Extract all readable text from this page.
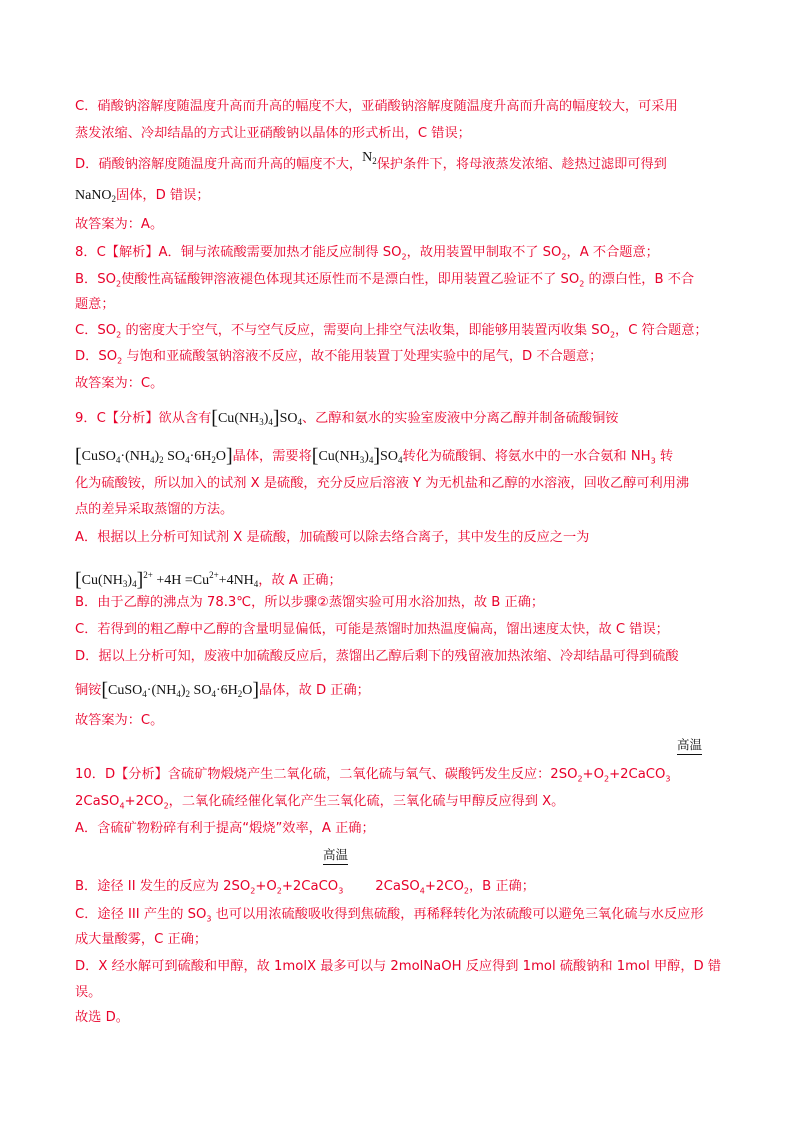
C．硝酸钠溶解度随温度升高而升高的幅度不大，亚硝酸钠溶解度随温度升高而升高的幅度较大，可采用
蒸发浓缩、冷却结晶的方式让亚硝酸钠以晶体的形式析出，C 错误；
D．硝酸钠溶解度随温度升高而升高的幅度不大，$N_2$保护条件下，将母液蒸发浓缩、趁热过滤即可得到
NaNO$_2$固体，D 错误；
故答案为：A。
8．C【解析】A．铜与浓硫酸需要加热才能反应制得 $SO_2$，故用装置甲制取不了 $SO_2$，A 不合题意；
B．$SO_2$使酸性高锰酸钾溶液褪色体现其还原性而不是漂白性，即用装置乙验证不了 $SO_2$ 的漂白性，B 不合
题意；
C．$SO_2$ 的密度大于空气，不与空气反应，需要向上排空气法收集，即能够用装置丙收集 $SO_2$，C 符合题意；
D．$SO_2$ 与饱和亚硫酸氢钠溶液不反应，故不能用装置丁处理实验中的尾气，D 不合题意；
故答案为：C。
9．C【分析】欲从含有$[Cu(NH_3)_4]SO_4$、乙醇和氨水的实验室废液中分离乙醇并制备硫酸铜铵
[$CuSO_4\cdot(NH_4)_2$ $SO_4\cdot 6H_2O$]晶体，需要将$[Cu(NH_3)_4]SO_4$转化为硫酸铜、将氨水中的一水合氨和 $NH_3$ 转
化为硫酸铵，所以加入的试剂 X 是硫酸，充分反应后溶液 Y 为无机盐和乙醇的水溶液，回收乙醇可利用沸
点的差异采取蒸馏的方法。
A．根据以上分析可知试剂 X 是硫酸，加硫酸可以除去络合离子，其中发生的反应之一为
$[Cu(NH_3)_4]^{2+} +4H =Cu^{2+}+4NH_4$，故 A 正确；
B．由于乙醇的沸点为 78.3℃，所以步骤②蒸馏实验可用水浴加热，故 B 正确；
C．若得到的粗乙醇中乙醇的含量明显偏低，可能是蒸馏时加热温度偏高，馏出速度太快，故 C 错误；
D．据以上分析可知，废液中加硫酸反应后，蒸馏出乙醇后剩下的残留液加热浓缩、冷却结晶可得到硫酸
铜铵[$CuSO_4\cdot(NH_4)_2$ $SO_4\cdot 6H_2O$]晶体，故 D 正确；
故答案为：C。
高温
10．D【分析】含硫矿物煅烧产生二氧化硫，二氧化硫与氧气、碳酸钙发生反应：$2SO_2+O_2+2CaCO_3$
$2CaSO_4+2CO_2$，二氧化硫经催化氧化产生三氧化硫，三氧化硫与甲醇反应得到 X。
A．含硫矿物粉碎有利于提高“煅烧”效率，A 正确；
高温
B．途径 II 发生的反应为 $2SO_2+O_2+2CaCO_3$ $2CaSO_4+2CO_2$，B 正确；
C．途径 III 产生的 $SO_3$ 也可以用浓硫酸吸收得到焦硫酸，再稀释转化为浓硫酸可以避免三氧化硫与水反应形
成大量酸雾，C 正确；
D．X 经水解可到硫酸和甲醇，故 1molX 最多可以与 2molNaOH 反应得到 1mol 硫酸钠和 1mol 甲醇，D 错
误。
故选 D。
